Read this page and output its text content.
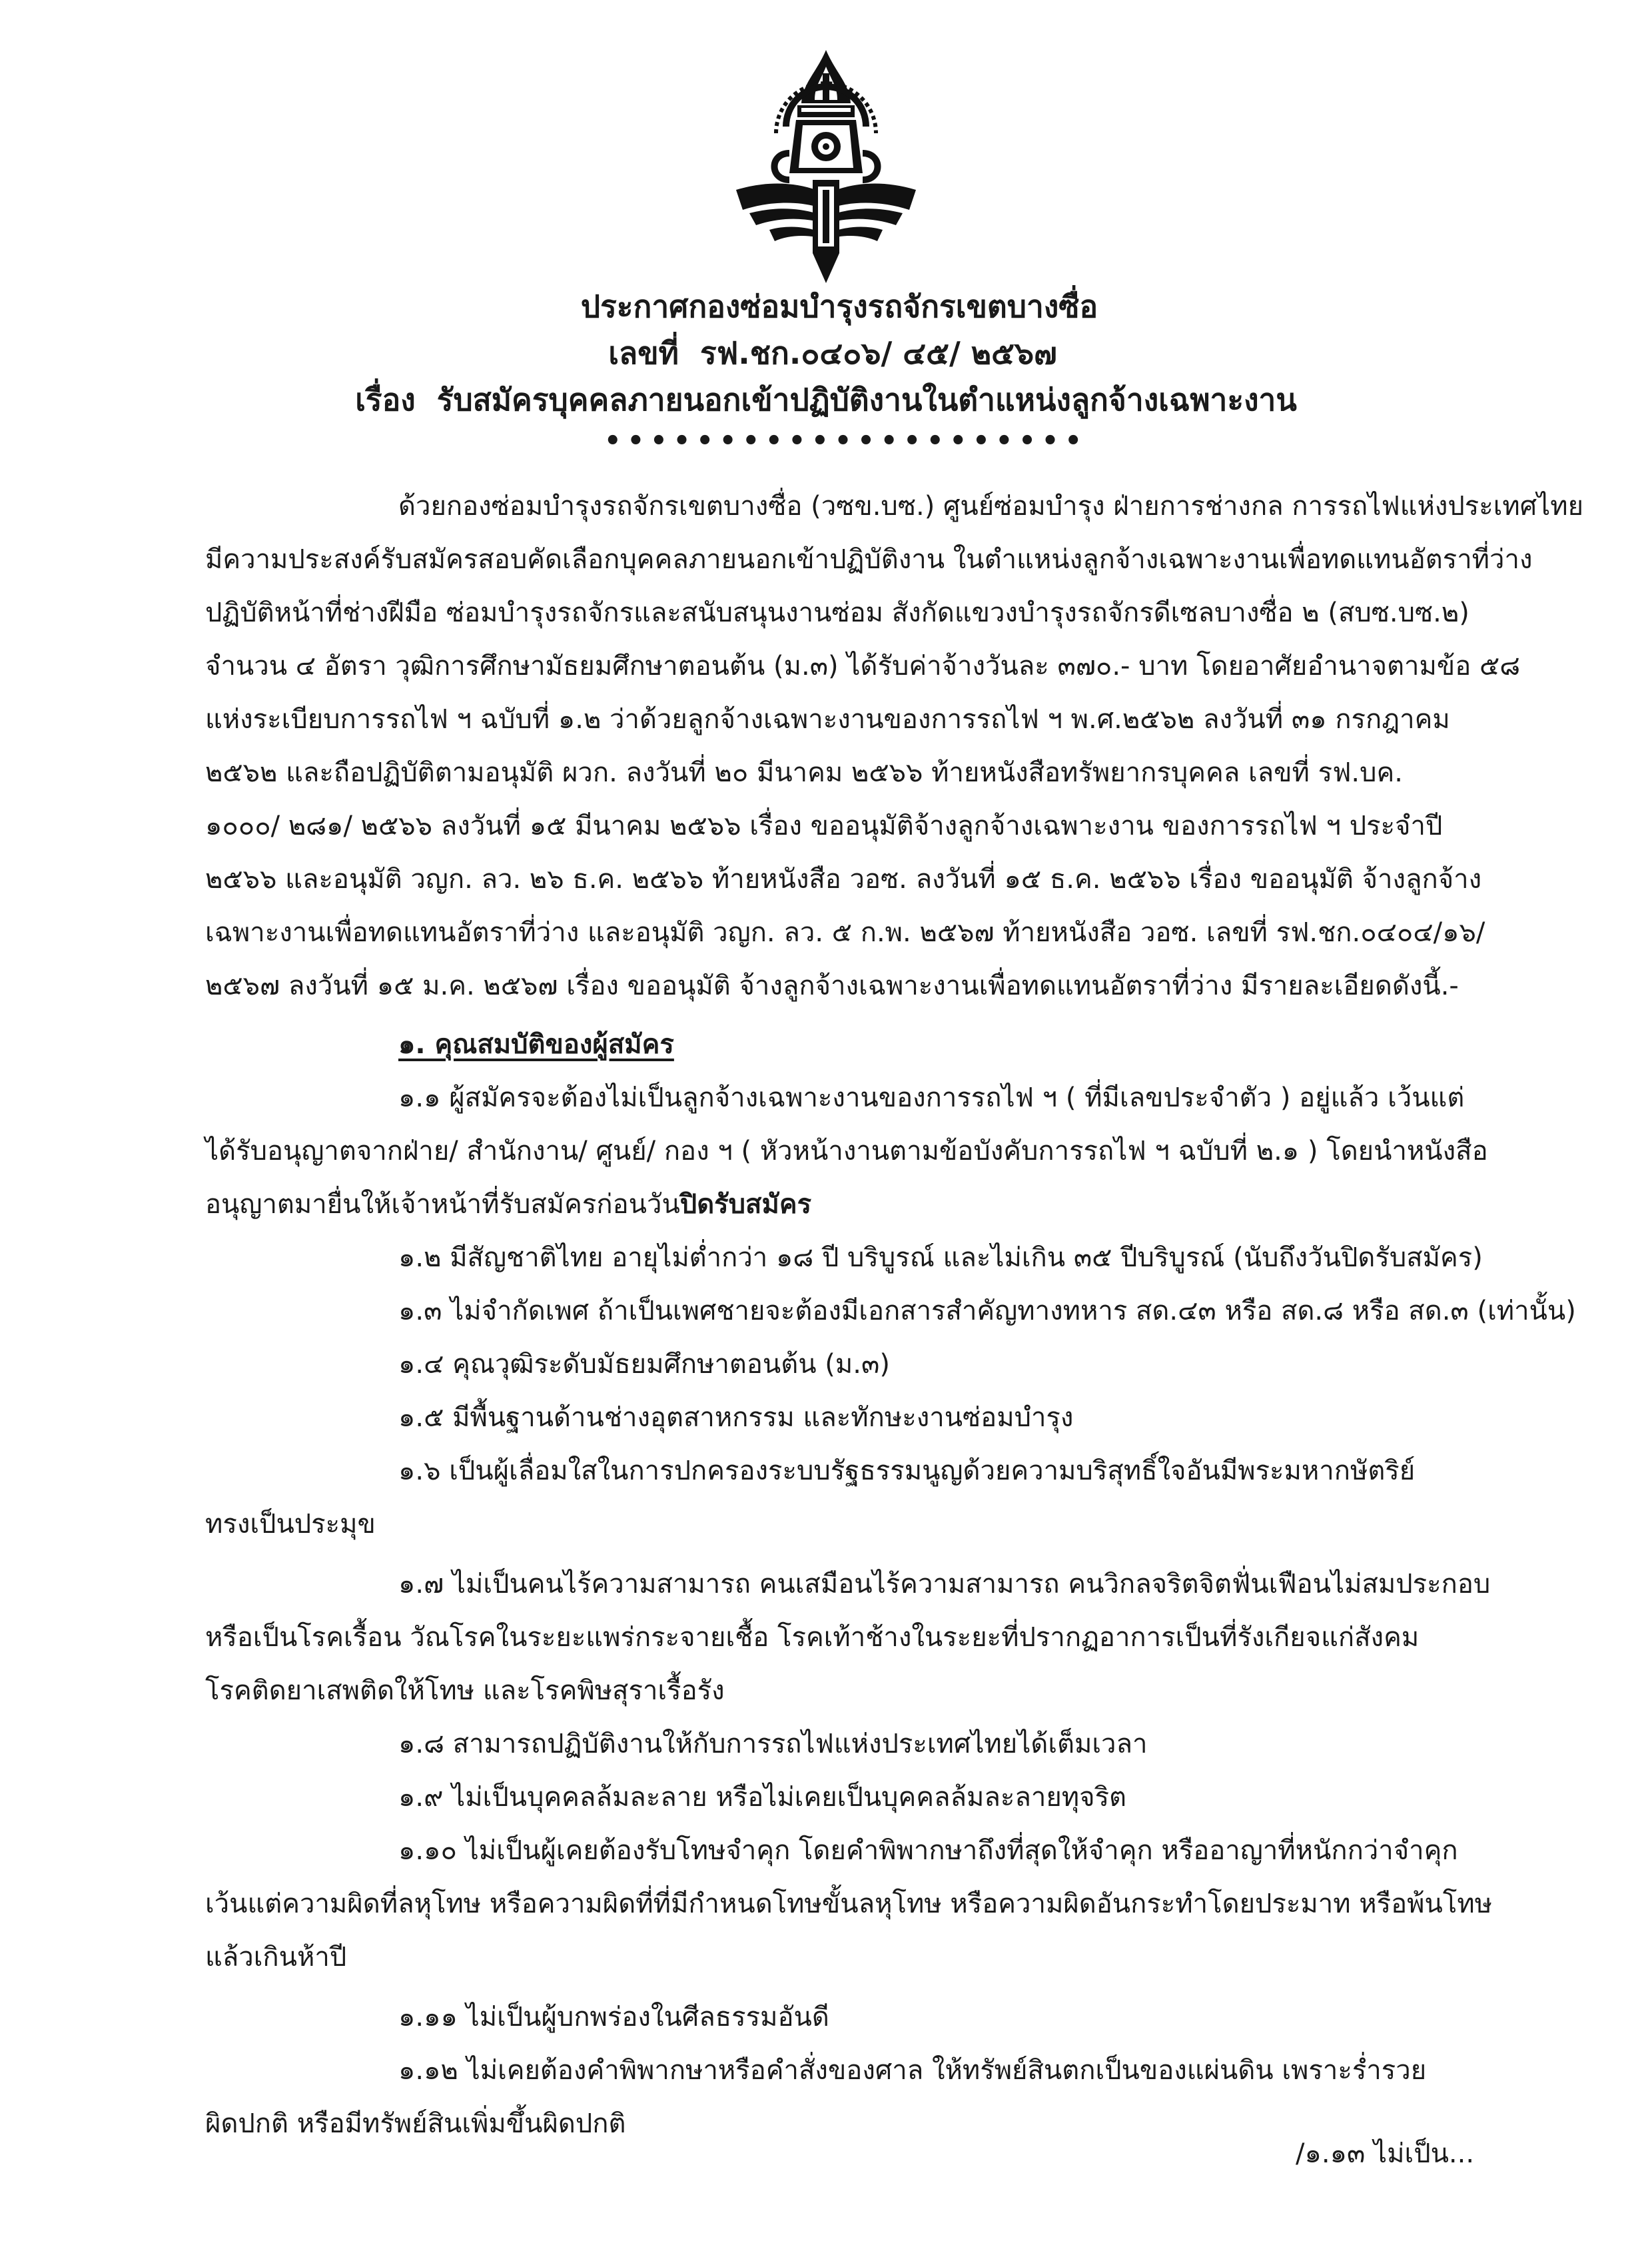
ประกาศกองซ่อมบำรุงรถจักรเขตบางซื่อ
เลขที่ รฟ.ชก.๐๔๐๖/ ๔๕/ ๒๕๖๗
เรื่อง รับสมัครบุคคลภายนอกเข้าปฏิบัติงานในตำแหน่งลูกจ้างเฉพาะงาน
•••••••••••••••••••••
ด้วยกองซ่อมบำรุงรถจักรเขตบางซื่อ (วซข.บซ.) ศูนย์ซ่อมบำรุง ฝ่ายการช่างกล การรถไฟแห่งประเทศไทย
มีความประสงค์รับสมัครสอบคัดเลือกบุคคลภายนอกเข้าปฏิบัติงาน ในตำแหน่งลูกจ้างเฉพาะงานเพื่อทดแทนอัตราที่ว่าง
ปฏิบัติหน้าที่ช่างฝีมือ ซ่อมบำรุงรถจักรและสนับสนุนงานซ่อม สังกัดแขวงบำรุงรถจักรดีเซลบางซื่อ ๒ (สบซ.บซ.๒)
จำนวน ๔ อัตรา วุฒิการศึกษามัธยมศึกษาตอนต้น (ม.๓) ได้รับค่าจ้างวันละ ๓๗๐.- บาท โดยอาศัยอำนาจตามข้อ ๕๘
แห่งระเบียบการรถไฟ ฯ ฉบับที่ ๑.๒ ว่าด้วยลูกจ้างเฉพาะงานของการรถไฟ ฯ พ.ศ.๒๕๖๒ ลงวันที่ ๓๑ กรกฎาคม
๒๕๖๒ และถือปฏิบัติตามอนุมัติ ผวก. ลงวันที่ ๒๐ มีนาคม ๒๕๖๖ ท้ายหนังสือทรัพยากรบุคคล เลขที่ รฟ.บค.
๑๐๐๐/ ๒๘๑/ ๒๕๖๖ ลงวันที่ ๑๕ มีนาคม ๒๕๖๖ เรื่อง ขออนุมัติจ้างลูกจ้างเฉพาะงาน ของการรถไฟ ฯ ประจำปี
๒๕๖๖ และอนุมัติ วญก. ลว. ๒๖ ธ.ค. ๒๕๖๖ ท้ายหนังสือ วอซ. ลงวันที่ ๑๕ ธ.ค. ๒๕๖๖ เรื่อง ขออนุมัติ จ้างลูกจ้าง
เฉพาะงานเพื่อทดแทนอัตราที่ว่าง และอนุมัติ วญก. ลว. ๕ ก.พ. ๒๕๖๗ ท้ายหนังสือ วอซ. เลขที่ รฟ.ชก.๐๔๐๔/๑๖/
๒๕๖๗ ลงวันที่ ๑๕ ม.ค. ๒๕๖๗ เรื่อง ขออนุมัติ จ้างลูกจ้างเฉพาะงานเพื่อทดแทนอัตราที่ว่าง มีรายละเอียดดังนี้.-
๑. คุณสมบัติของผู้สมัคร
๑.๑ ผู้สมัครจะต้องไม่เป็นลูกจ้างเฉพาะงานของการรถไฟ ฯ ( ที่มีเลขประจำตัว ) อยู่แล้ว เว้นแต่
ได้รับอนุญาตจากฝ่าย/ สำนักงาน/ ศูนย์/ กอง ฯ ( หัวหน้างานตามข้อบังคับการรถไฟ ฯ ฉบับที่ ๒.๑ ) โดยนำหนังสือ
อนุญาตมายื่นให้เจ้าหน้าที่รับสมัครก่อนวันปิดรับสมัคร
๑.๒ มีสัญชาติไทย อายุไม่ต่ำกว่า ๑๘ ปี บริบูรณ์ และไม่เกิน ๓๕ ปีบริบูรณ์ (นับถึงวันปิดรับสมัคร)
๑.๓ ไม่จำกัดเพศ ถ้าเป็นเพศชายจะต้องมีเอกสารสำคัญทางทหาร สด.๔๓ หรือ สด.๘ หรือ สด.๓ (เท่านั้น)
๑.๔ คุณวุฒิระดับมัธยมศึกษาตอนต้น (ม.๓)
๑.๕ มีพื้นฐานด้านช่างอุตสาหกรรม และทักษะงานซ่อมบำรุง
๑.๖ เป็นผู้เลื่อมใสในการปกครองระบบรัฐธรรมนูญด้วยความบริสุทธิ์ใจอันมีพระมหากษัตริย์
ทรงเป็นประมุข
๑.๗ ไม่เป็นคนไร้ความสามารถ คนเสมือนไร้ความสามารถ คนวิกลจริตจิตฟั่นเฟือนไม่สมประกอบ
หรือเป็นโรคเรื้อน วัณโรคในระยะแพร่กระจายเชื้อ โรคเท้าช้างในระยะที่ปรากฏอาการเป็นที่รังเกียจแก่สังคม
โรคติดยาเสพติดให้โทษ และโรคพิษสุราเรื้อรัง
๑.๘ สามารถปฏิบัติงานให้กับการรถไฟแห่งประเทศไทยได้เต็มเวลา
๑.๙ ไม่เป็นบุคคลล้มละลาย หรือไม่เคยเป็นบุคคลล้มละลายทุจริต
๑.๑๐ ไม่เป็นผู้เคยต้องรับโทษจำคุก โดยคำพิพากษาถึงที่สุดให้จำคุก หรืออาญาที่หนักกว่าจำคุก
เว้นแต่ความผิดที่ลหุโทษ หรือความผิดที่ที่มีกำหนดโทษขั้นลหุโทษ หรือความผิดอันกระทำโดยประมาท หรือพ้นโทษ
แล้วเกินห้าปี
๑.๑๑ ไม่เป็นผู้บกพร่องในศีลธรรมอันดี
๑.๑๒ ไม่เคยต้องคำพิพากษาหรือคำสั่งของศาล ให้ทรัพย์สินตกเป็นของแผ่นดิน เพราะร่ำรวย
ผิดปกติ หรือมีทรัพย์สินเพิ่มขึ้นผิดปกติ
/๑.๑๓ ไม่เป็น...
